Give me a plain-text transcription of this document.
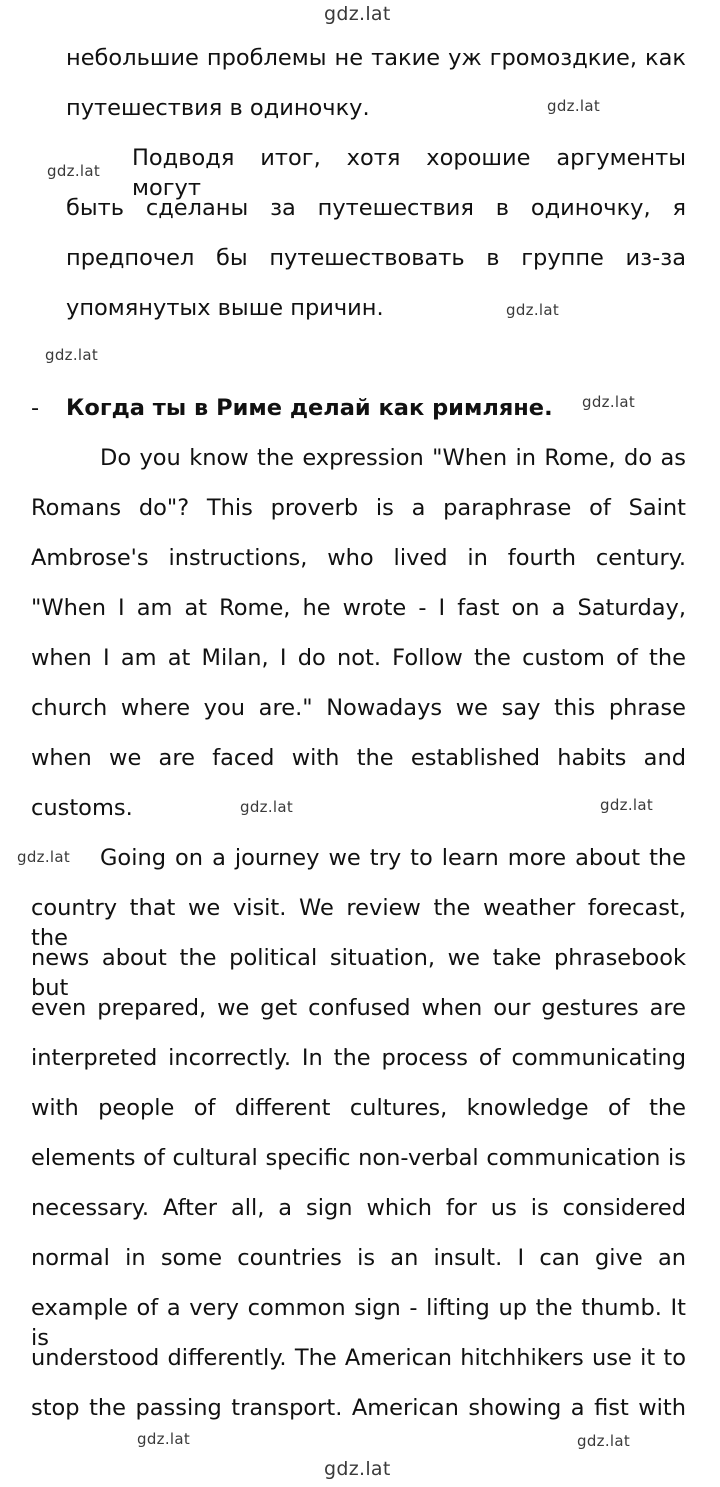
gdz.lat
gdz.lat
gdz.lat
gdz.lat
gdz.lat
gdz.lat
gdz.lat	gdz.lat
gdz.lat
gdz.lat	gdz.lat
gdz.lat
небольшие проблемы не такие уж громоздкие, как
путешествия в одиночку.
Подводя итог, хотя хорошие аргументы могут
быть сделаны за путешествия в одиночку, я
предпочел бы путешествовать в группе из-за
упомянутых выше причин.
- Когда ты в Риме делай как римляне.
Do you know the expression "When in Rome, do as
Romans do"? This proverb is a paraphrase of Saint
Ambrose's instructions, who lived in fourth century.
"When I am at Rome, he wrote - I fast on a Saturday,
when I am at Milan, I do not. Follow the custom of the
church where you are." Nowadays we say this phrase
when we are faced with the established habits and
customs.
Going on a journey we try to learn more about the
country that we visit. We review the weather forecast, the
news about the political situation, we take phrasebook but
even prepared, we get confused when our gestures are
interpreted incorrectly. In the process of communicating
with people of different cultures, knowledge of the
elements of cultural specific non-verbal communication is
necessary. After all, a sign which for us is considered
normal in some countries is an insult. I can give an
example of a very common sign - lifting up the thumb. It is
understood differently. The American hitchhikers use it to
stop the passing transport. American showing a fist with
